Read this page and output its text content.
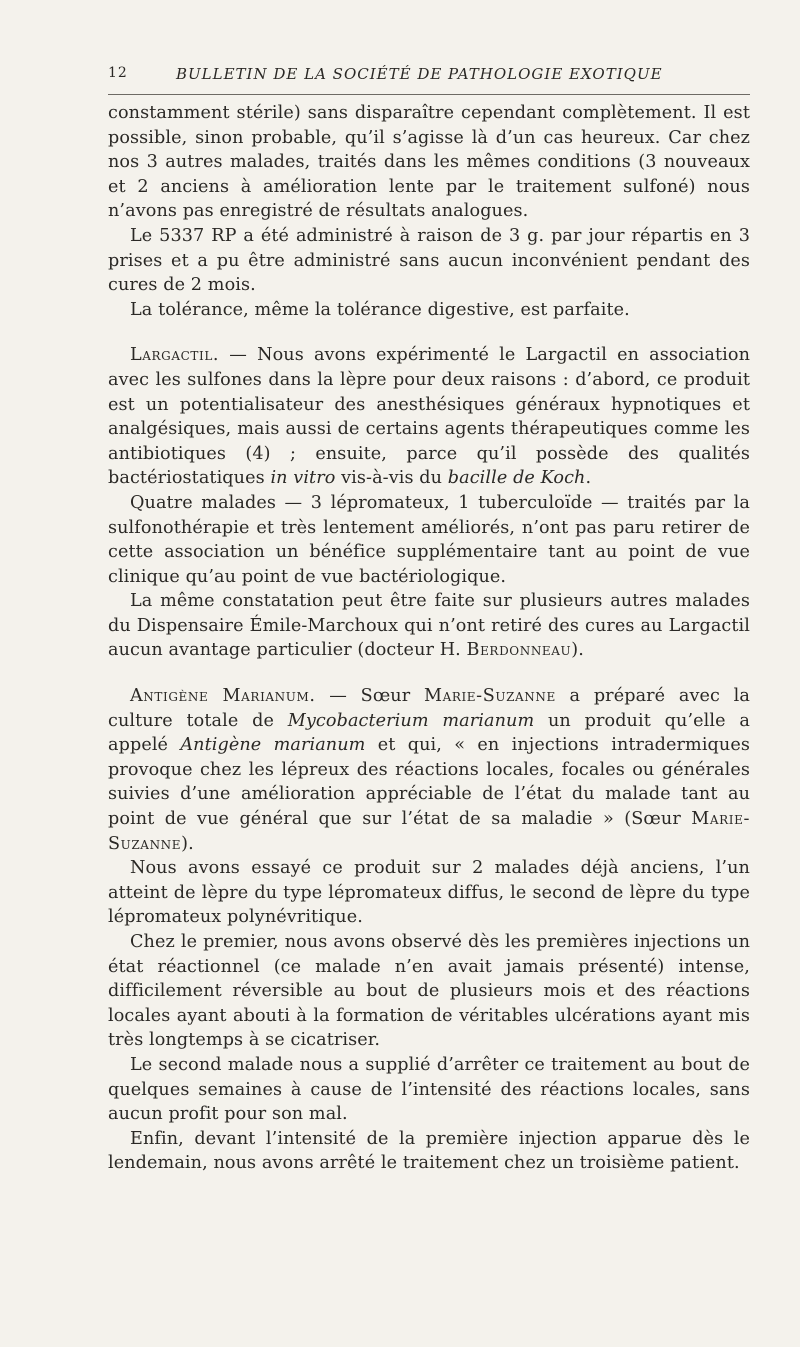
12	BULLETIN DE LA SOCIÉTÉ DE PATHOLOGIE EXOTIQUE

constamment stérile) sans disparaître cependant complètement. Il est possible, sinon probable, qu’il s’agisse là d’un cas heureux. Car chez nos 3 autres malades, traités dans les mêmes conditions (3 nouveaux et 2 anciens à amélioration lente par le traitement sulfoné) nous n’avons pas enregistré de résultats analogues.

Le 5337 RP a été administré à raison de 3 g. par jour répartis en 3 prises et a pu être administré sans aucun inconvénient pendant des cures de 2 mois.

La tolérance, même la tolérance digestive, est parfaite.

Largactil. — Nous avons expérimenté le Largactil en association avec les sulfones dans la lèpre pour deux raisons : d’abord, ce produit est un potentialisateur des anesthésiques généraux hypnotiques et analgésiques, mais aussi de certains agents thérapeutiques comme les antibiotiques (4) ; ensuite, parce qu’il possède des qualités bactériostatiques in vitro vis-à-vis du bacille de Koch.

Quatre malades — 3 lépromateux, 1 tuberculoïde — traités par la sulfonothérapie et très lentement améliorés, n’ont pas paru retirer de cette association un bénéfice supplémentaire tant au point de vue clinique qu’au point de vue bactériologique.

La même constatation peut être faite sur plusieurs autres malades du Dispensaire Émile-Marchoux qui n’ont retiré des cures au Largactil aucun avantage particulier (docteur H. Berdonneau).

Antigène Marianum. — Sœur Marie-Suzanne a préparé avec la culture totale de Mycobacterium marianum un produit qu’elle a appelé Antigène marianum et qui, « en injections intradermiques provoque chez les lépreux des réactions locales, focales ou générales suivies d’une amélioration appréciable de l’état du malade tant au point de vue général que sur l’état de sa maladie » (Sœur Marie-Suzanne).

Nous avons essayé ce produit sur 2 malades déjà anciens, l’un atteint de lèpre du type lépromateux diffus, le second de lèpre du type lépromateux polynévritique.

Chez le premier, nous avons observé dès les premières injections un état réactionnel (ce malade n’en avait jamais présenté) intense, difficilement réversible au bout de plusieurs mois et des réactions locales ayant abouti à la formation de véritables ulcérations ayant mis très longtemps à se cicatriser.

Le second malade nous a supplié d’arrêter ce traitement au bout de quelques semaines à cause de l’intensité des réactions locales, sans aucun profit pour son mal.

Enfin, devant l’intensité de la première injection apparue dès le lendemain, nous avons arrêté le traitement chez un troisième patient.
